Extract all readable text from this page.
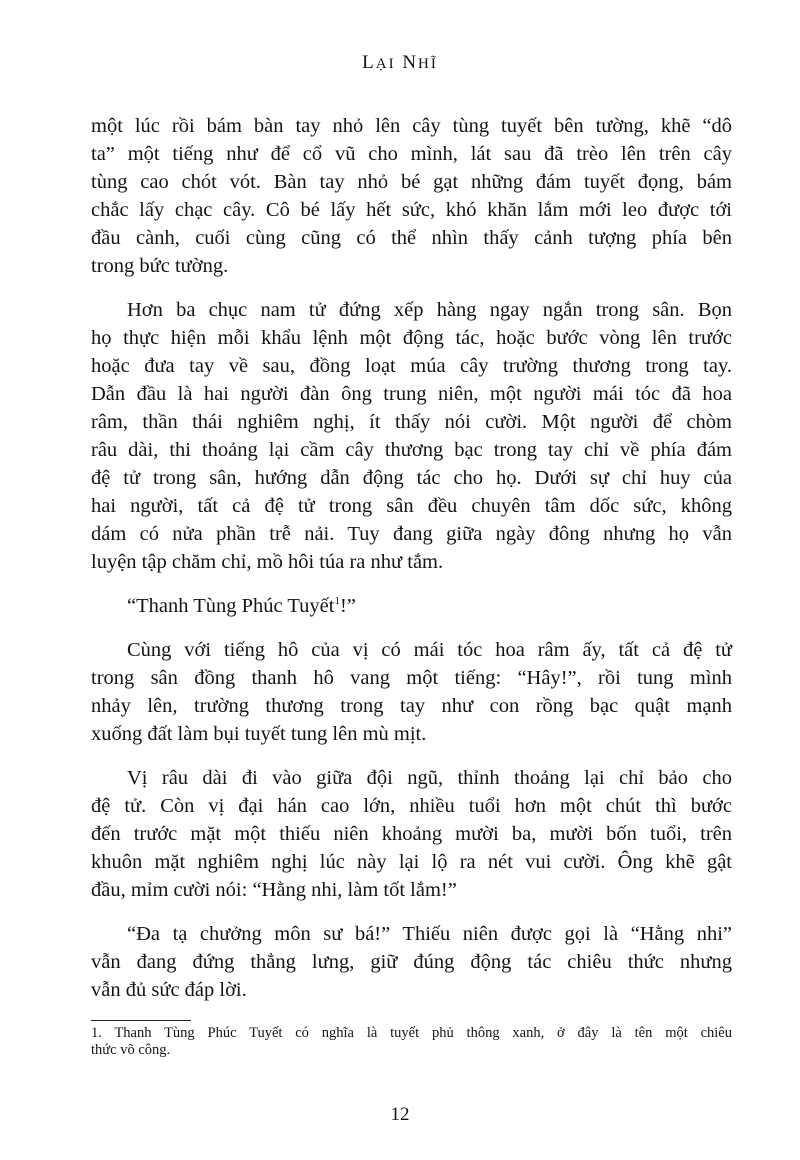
LẠI NHĨ
một lúc rồi bám bàn tay nhỏ lên cây tùng tuyết bên tường, khẽ “dô
ta” một tiếng như để cổ vũ cho mình, lát sau đã trèo lên trên cây
tùng cao chót vót. Bàn tay nhỏ bé gạt những đám tuyết đọng, bám
chắc lấy chạc cây. Cô bé lấy hết sức, khó khăn lắm mới leo được tới
đầu cành, cuối cùng cũng có thể nhìn thấy cảnh tượng phía bên
trong bức tường.
Hơn ba chục nam tử đứng xếp hàng ngay ngắn trong sân. Bọn
họ thực hiện mỗi khẩu lệnh một động tác, hoặc bước vòng lên trước
hoặc đưa tay về sau, đồng loạt múa cây trường thương trong tay.
Dẫn đầu là hai người đàn ông trung niên, một người mái tóc đã hoa
râm, thần thái nghiêm nghị, ít thấy nói cười. Một người để chòm
râu dài, thi thoảng lại cầm cây thương bạc trong tay chỉ về phía đám
đệ tử trong sân, hướng dẫn động tác cho họ. Dưới sự chỉ huy của
hai người, tất cả đệ tử trong sân đều chuyên tâm dốc sức, không
dám có nửa phần trễ nải. Tuy đang giữa ngày đông nhưng họ vẫn
luyện tập chăm chỉ, mồ hôi túa ra như tắm.
“Thanh Tùng Phúc Tuyết$^1$!”
Cùng với tiếng hô của vị có mái tóc hoa râm ấy, tất cả đệ tử
trong sân đồng thanh hô vang một tiếng: “Hây!”, rồi tung mình
nhảy lên, trường thương trong tay như con rồng bạc quật mạnh
xuống đất làm bụi tuyết tung lên mù mịt.
Vị râu dài đi vào giữa đội ngũ, thỉnh thoảng lại chỉ bảo cho
đệ tử. Còn vị đại hán cao lớn, nhiều tuổi hơn một chút thì bước
đến trước mặt một thiếu niên khoảng mười ba, mười bốn tuổi, trên
khuôn mặt nghiêm nghị lúc này lại lộ ra nét vui cười. Ông khẽ gật
đầu, mỉm cười nói: “Hằng nhi, làm tốt lắm!”
“Đa tạ chưởng môn sư bá!” Thiếu niên được gọi là “Hằng nhi”
vẫn đang đứng thẳng lưng, giữ đúng động tác chiêu thức nhưng
vẫn đủ sức đáp lời.
1. Thanh Tùng Phúc Tuyết có nghĩa là tuyết phủ thông xanh, ở đây là tên một chiêu
thức võ công.
12
